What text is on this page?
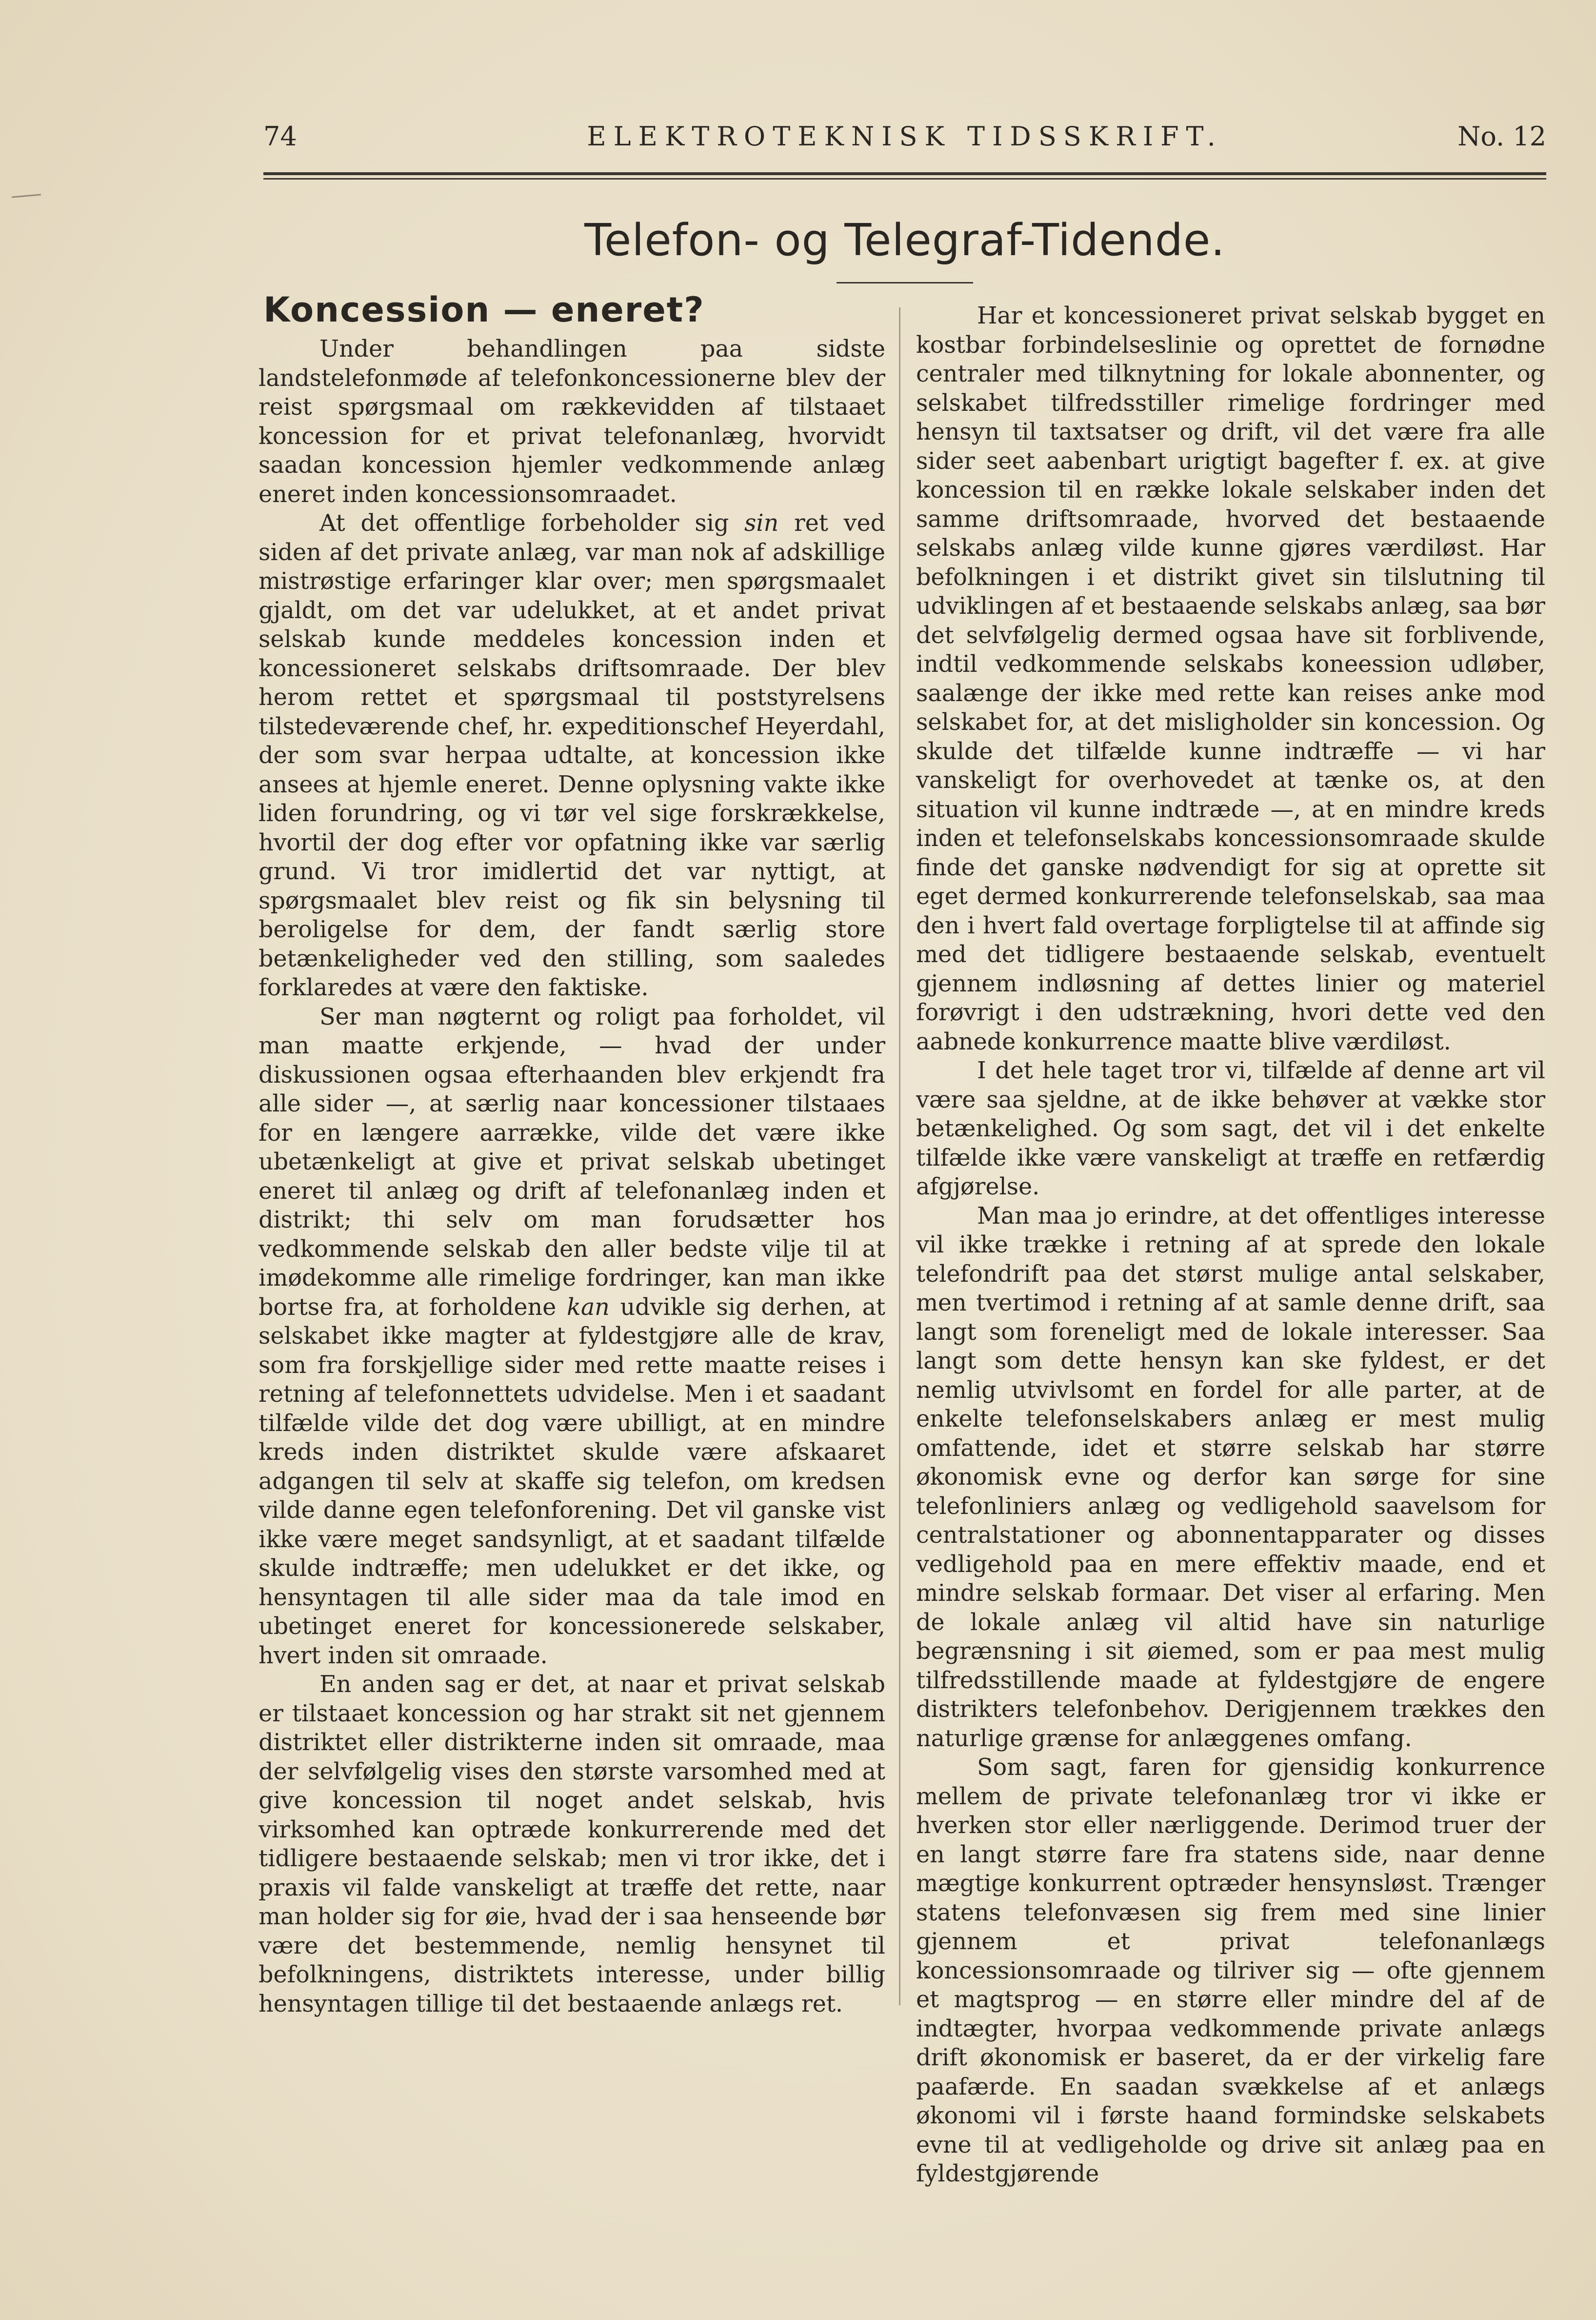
74	ELEKTROTEKNISK TIDSSKRIFT.	No. 12
Telefon- og Telegraf-Tidende.
Koncession — eneret?

Under behandlingen paa sidste landstelefonmøde af telefonkoncessionerne blev der reist spørgsmaal om rækkevidden af tilstaaet koncession for et privat telefonanlæg, hvorvidt saadan koncession hjemler vedkommende anlæg eneret inden koncessionsomraadet.

At det offentlige forbeholder sig sin ret ved siden af det private anlæg, var man nok af adskillige mistrøstige erfaringer klar over; men spørgsmaalet gjaldt, om det var udelukket, at et andet privat selskab kunde meddeles koncession inden et koncessioneret selskabs driftsomraade. Der blev herom rettet et spørgsmaal til poststyrelsens tilstedeværende chef, hr. expeditionschef Heyerdahl, der som svar herpaa udtalte, at koncession ikke ansees at hjemle eneret. Denne oplysning vakte ikke liden forundring, og vi tør vel sige forskrækkelse, hvortil der dog efter vor opfatning ikke var særlig grund. Vi tror imidlertid det var nyttigt, at spørgsmaalet blev reist og fik sin belysning til beroligelse for dem, der fandt særlig store betænkeligheder ved den stilling, som saaledes forklaredes at være den faktiske.

Ser man nøgternt og roligt paa forholdet, vil man maatte erkjende, — hvad der under diskussionen ogsaa efterhaanden blev erkjendt fra alle sider —, at særlig naar koncessioner tilstaaes for en længere aarrække, vilde det være ikke ubetænkeligt at give et privat selskab ubetinget eneret til anlæg og drift af telefonanlæg inden et distrikt; thi selv om man forudsætter hos vedkommende selskab den aller bedste vilje til at imødekomme alle rimelige fordringer, kan man ikke bortse fra, at forholdene kan udvikle sig derhen, at selskabet ikke magter at fyldestgjøre alle de krav, som fra forskjellige sider med rette maatte reises i retning af telefonnettets udvidelse. Men i et saadant tilfælde vilde det dog være ubilligt, at en mindre kreds inden distriktet skulde være afskaaret adgangen til selv at skaffe sig telefon, om kredsen vilde danne egen telefonforening. Det vil ganske vist ikke være meget sandsynligt, at et saadant tilfælde skulde indtræffe; men udelukket er det ikke, og hensyntagen til alle sider maa da tale imod en ubetinget eneret for koncessionerede selskaber, hvert inden sit omraade.

En anden sag er det, at naar et privat selskab er tilstaaet koncession og har strakt sit net gjennem distriktet eller distrikterne inden sit omraade, maa der selvfølgelig vises den største varsomhed med at give koncession til noget andet selskab, hvis virksomhed kan optræde konkurrerende med det tidligere bestaaende selskab; men vi tror ikke, det i praxis vil falde vanskeligt at træffe det rette, naar man holder sig for øie, hvad der i saa henseende bør være det bestemmende, nemlig hensynet til befolkningens, distriktets interesse, under billig hensyntagen tillige til det bestaaende anlægs ret.

Har et koncessioneret privat selskab bygget en kostbar forbindelseslinie og oprettet de fornødne centraler med tilknytning for lokale abonnenter, og selskabet tilfredsstiller rimelige fordringer med hensyn til taxtsatser og drift, vil det være fra alle sider seet aabenbart urigtigt bagefter f. ex. at give koncession til en række lokale selskaber inden det samme driftsomraade, hvorved det bestaaende selskabs anlæg vilde kunne gjøres værdiløst. Har befolkningen i et distrikt givet sin tilslutning til udviklingen af et bestaaende selskabs anlæg, saa bør det selvfølgelig dermed ogsaa have sit forblivende, indtil vedkommende selskabs koneession udløber, saalænge der ikke med rette kan reises anke mod selskabet for, at det misligholder sin koncession. Og skulde det tilfælde kunne indtræffe — vi har vanskeligt for overhovedet at tænke os, at den situation vil kunne indtræde —, at en mindre kreds inden et telefonselskabs koncessionsomraade skulde finde det ganske nødvendigt for sig at oprette sit eget dermed konkurrerende telefonselskab, saa maa den i hvert fald overtage forpligtelse til at affinde sig med det tidligere bestaaende selskab, eventuelt gjennem indløsning af dettes linier og materiel forøvrigt i den udstrækning, hvori dette ved den aabnede konkurrence maatte blive værdiløst.

I det hele taget tror vi, tilfælde af denne art vil være saa sjeldne, at de ikke behøver at vække stor betænkelighed. Og som sagt, det vil i det enkelte tilfælde ikke være vanskeligt at træffe en retfærdig afgjørelse.

Man maa jo erindre, at det offentliges interesse vil ikke trække i retning af at sprede den lokale telefondrift paa det størst mulige antal selskaber, men tvertimod i retning af at samle denne drift, saa langt som foreneligt med de lokale interesser. Saa langt som dette hensyn kan ske fyldest, er det nemlig utvivlsomt en fordel for alle parter, at de enkelte telefonselskabers anlæg er mest mulig omfattende, idet et større selskab har større økonomisk evne og derfor kan sørge for sine telefonliniers anlæg og vedligehold saavelsom for centralstationer og abonnentapparater og disses vedligehold paa en mere effektiv maade, end et mindre selskab formaar. Det viser al erfaring. Men de lokale anlæg vil altid have sin naturlige begrænsning i sit øiemed, som er paa mest mulig tilfredsstillende maade at fyldestgjøre de engere distrikters telefonbehov. Derigjennem trækkes den naturlige grænse for anlæggenes omfang.

Som sagt, faren for gjensidig konkurrence mellem de private telefonanlæg tror vi ikke er hverken stor eller nærliggende. Derimod truer der en langt større fare fra statens side, naar denne mægtige konkurrent optræder hensynsløst. Trænger statens telefonvæsen sig frem med sine linier gjennem et privat telefonanlægs koncessionsomraade og tilriver sig — ofte gjennem et magtsprog — en større eller mindre del af de indtægter, hvorpaa vedkommende private anlægs drift økonomisk er baseret, da er der virkelig fare paafærde. En saadan svækkelse af et anlægs økonomi vil i første haand formindske selskabets evne til at vedligeholde og drive sit anlæg paa en fyldestgjørende
